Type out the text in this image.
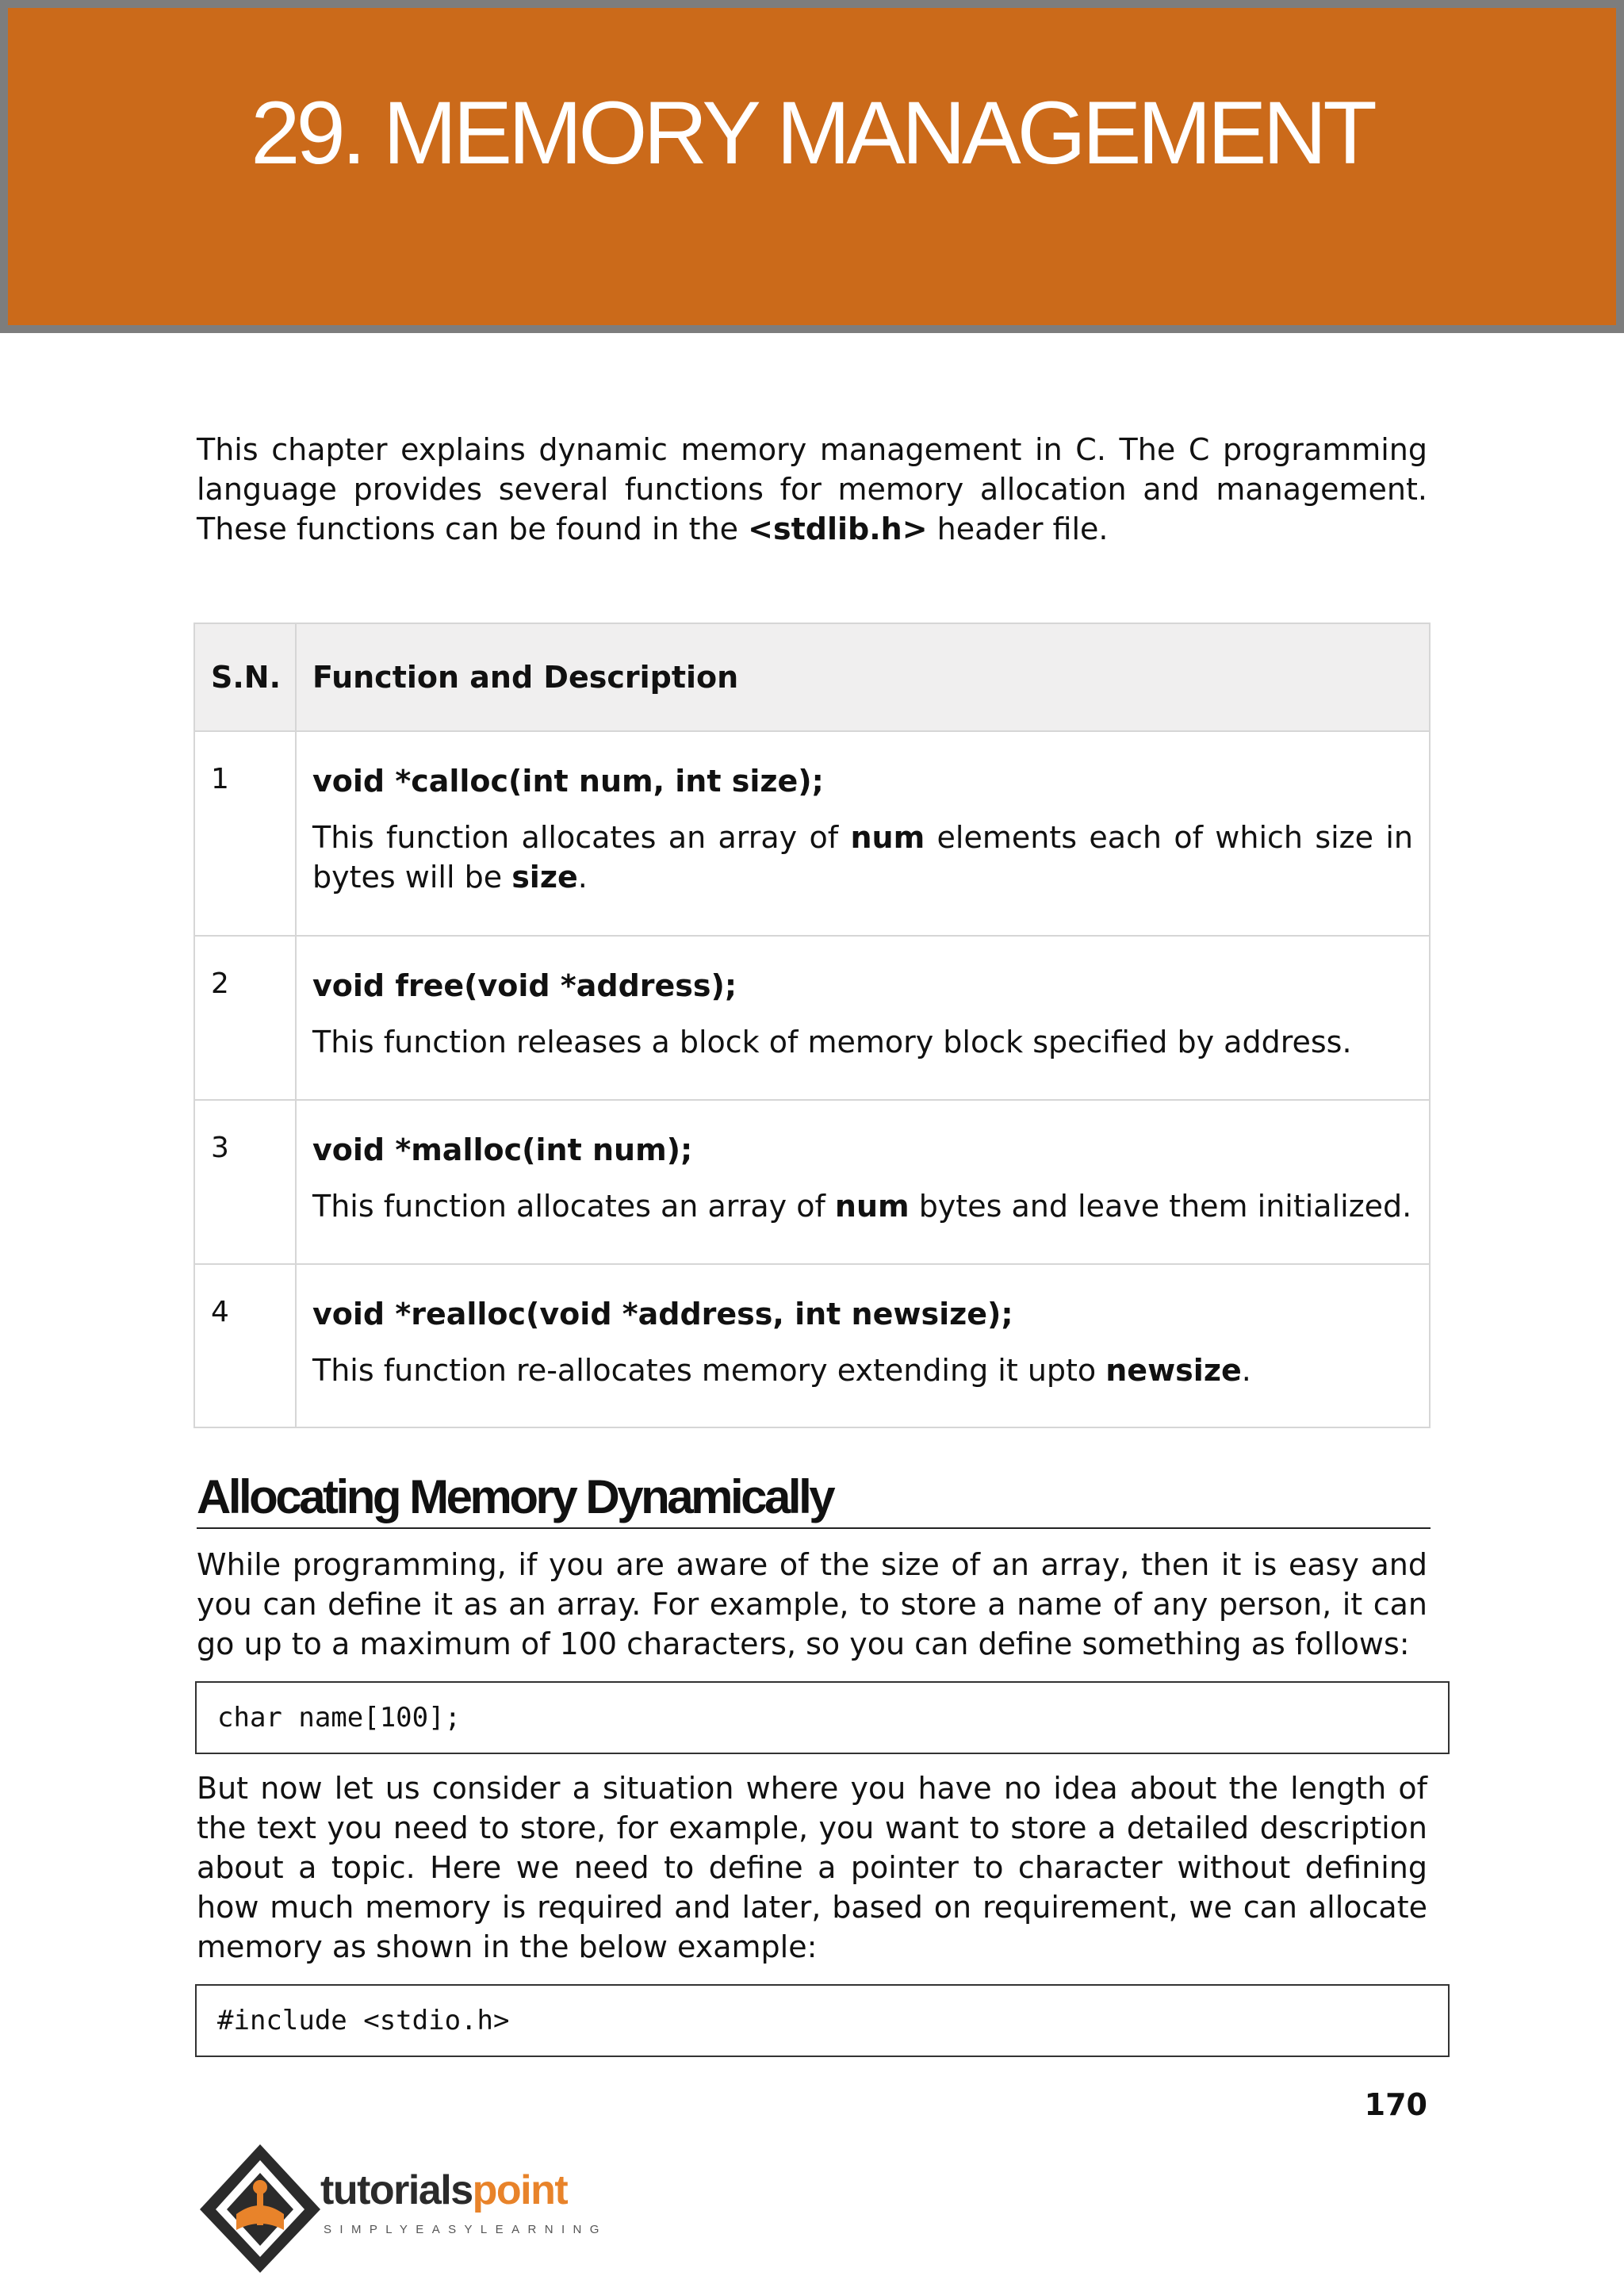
29. MEMORY MANAGEMENT

This chapter explains dynamic memory management in C. The C programming language provides several functions for memory allocation and management. These functions can be found in the <stdlib.h> header file.

S.N.	Function and Description
1	void *calloc(int num, int size);
This function allocates an array of num elements each of which size in bytes will be size.
2	void free(void *address);
This function releases a block of memory block specified by address.
3	void *malloc(int num);
This function allocates an array of num bytes and leave them initialized.
4	void *realloc(void *address, int newsize);
This function re-allocates memory extending it upto newsize.
Allocating Memory Dynamically

While programming, if you are aware of the size of an array, then it is easy and you can define it as an array. For example, to store a name of any person, it can go up to a maximum of 100 characters, so you can define something as follows:

char name[100];

But now let us consider a situation where you have no idea about the length of the text you need to store, for example, you want to store a detailed description about a topic. Here we need to define a pointer to character without defining how much memory is required and later, based on requirement, we can allocate memory as shown in the below example:

#include <stdio.h>
170
tutorialspoint
SIMPLYEASYLEARNING
